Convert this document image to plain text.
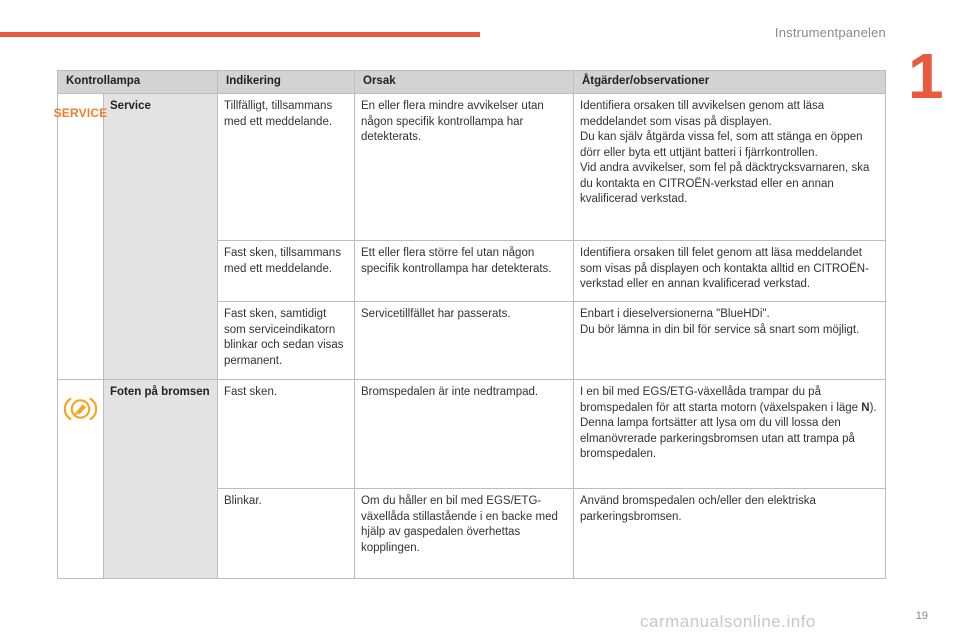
Instrumentpanelen
1
Kontrollampa		Indikering	Orsak	Åtgärder/observationer

SERVICE	Service	Tillfälligt, tillsammans med ett meddelande.	En eller flera mindre avvikelser utan någon specifik kontrollampa har detekterats.	Identifiera orsaken till avvikelsen genom att läsa meddelandet som visas på displayen.
Du kan själv åtgärda vissa fel, som att stänga en öppen dörr eller byta ett uttjänt batteri i fjärrkontrollen.
Vid andra avvikelser, som fel på däcktrycksvarnaren, ska du kontakta en CITROËN-verkstad eller en annan kvalificerad verkstad.
		Fast sken, tillsammans med ett meddelande.	Ett eller flera större fel utan någon specifik kontrollampa har detekterats.	Identifiera orsaken till felet genom att läsa meddelandet som visas på displayen och kontakta alltid en CITROËN-verkstad eller en annan kvalificerad verkstad.
		Fast sken, samtidigt som serviceindikatorn blinkar och sedan visas permanent.	Servicetillfället har passerats.	Enbart i dieselversionerna "BlueHDi".
Du bör lämna in din bil för service så snart som möjligt.

	Foten på bromsen	Fast sken.	Bromspedalen är inte nedtrampad.	I en bil med EGS/ETG-växellåda trampar du på bromspedalen för att starta motorn (växelspaken i läge N).
Denna lampa fortsätter att lysa om du vill lossa den elmanövrerade parkeringsbromsen utan att trampa på bromspedalen.
		Blinkar.	Om du håller en bil med EGS/ETG-växellåda stillastående i en backe med hjälp av gaspedalen överhettas kopplingen.	Använd bromspedalen och/eller den elektriska parkeringsbromsen.
carmanualsonline.info	19
